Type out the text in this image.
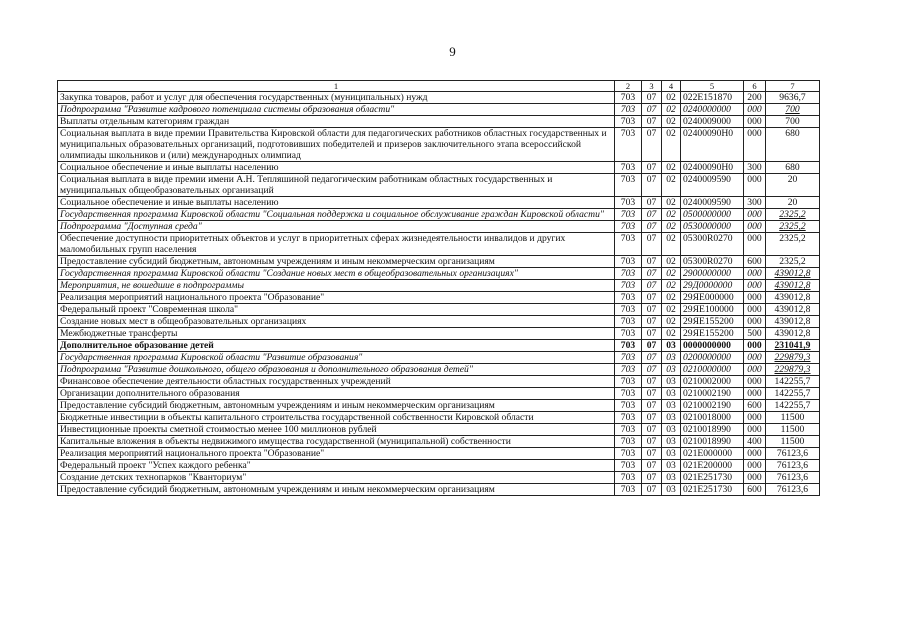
9
1	2	3	4	5	6	7
Закупка товаров, работ и услуг для обеспечения государственных (муниципальных) нужд	703	07	02	022E151870	200	9636,7
Подпрограмма "Развитие кадрового потенциала системы образования области"	703	07	02	0240000000	000	700
Выплаты отдельным категориям граждан	703	07	02	0240009000	000	700
Социальная выплата в виде премии Правительства Кировской области для педагогических работников областных государственных и муниципальных образовательных организаций, подготовивших победителей и призеров заключительного этапа всероссийской олимпиады школьников и (или) международных олимпиад	703	07	02	02400090Н0	000	680
Социальное обеспечение и иные выплаты населению	703	07	02	02400090Н0	300	680
Социальная выплата в виде премии имени А.Н. Тепляшиной педагогическим работникам областных государственных и муниципальных общеобразовательных организаций	703	07	02	0240009590	000	20
Социальное обеспечение и иные выплаты населению	703	07	02	0240009590	300	20
Государственная программа Кировской области "Социальная поддержка и социальное обслуживание граждан Кировской области"	703	07	02	0500000000	000	2325,2
Подпрограмма "Доступная среда"	703	07	02	0530000000	000	2325,2
Обеспечение доступности приоритетных объектов и услуг в приоритетных сферах жизнедеятельности инвалидов и других маломобильных групп населения	703	07	02	05300R0270	000	2325,2
Предоставление субсидий бюджетным, автономным учреждениям и иным некоммерческим организациям	703	07	02	05300R0270	600	2325,2
Государственная программа Кировской области "Создание новых мест в общеобразовательных организациях"	703	07	02	2900000000	000	439012,8
Мероприятия, не вошедшие в подпрограммы	703	07	02	29Д0000000	000	439012,8
Реализация мероприятий национального проекта "Образование"	703	07	02	29ЯЕ000000	000	439012,8
Федеральный проект "Современная школа"	703	07	02	29ЯЕ100000	000	439012,8
Создание новых мест в общеобразовательных организациях	703	07	02	29ЯЕ155200	000	439012,8
Межбюджетные трансферты	703	07	02	29ЯЕ155200	500	439012,8
Дополнительное образование детей	703	07	03	0000000000	000	231041,9
Государственная программа Кировской области "Развитие образования"	703	07	03	0200000000	000	229879,3
Подпрограмма "Развитие дошкольного, общего образования и дополнительного образования детей"	703	07	03	0210000000	000	229879,3
Финансовое обеспечение деятельности областных государственных учреждений	703	07	03	0210002000	000	142255,7
Организации дополнительного образования	703	07	03	0210002190	000	142255,7
Предоставление субсидий бюджетным, автономным учреждениям и иным некоммерческим организациям	703	07	03	0210002190	600	142255,7
Бюджетные инвестиции в объекты капитального строительства государственной собственности Кировской области	703	07	03	0210018000	000	11500
Инвестиционные проекты сметной стоимостью менее 100 миллионов рублей	703	07	03	0210018990	000	11500
Капитальные вложения в объекты недвижимого имущества государственной (муниципальной) собственности	703	07	03	0210018990	400	11500
Реализация мероприятий национального проекта "Образование"	703	07	03	021E000000	000	76123,6
Федеральный проект "Успех каждого ребенка"	703	07	03	021E200000	000	76123,6
Создание детских технопарков "Кванториум"	703	07	03	021E251730	000	76123,6
Предоставление субсидий бюджетным, автономным учреждениям и иным некоммерческим организациям	703	07	03	021E251730	600	76123,6
